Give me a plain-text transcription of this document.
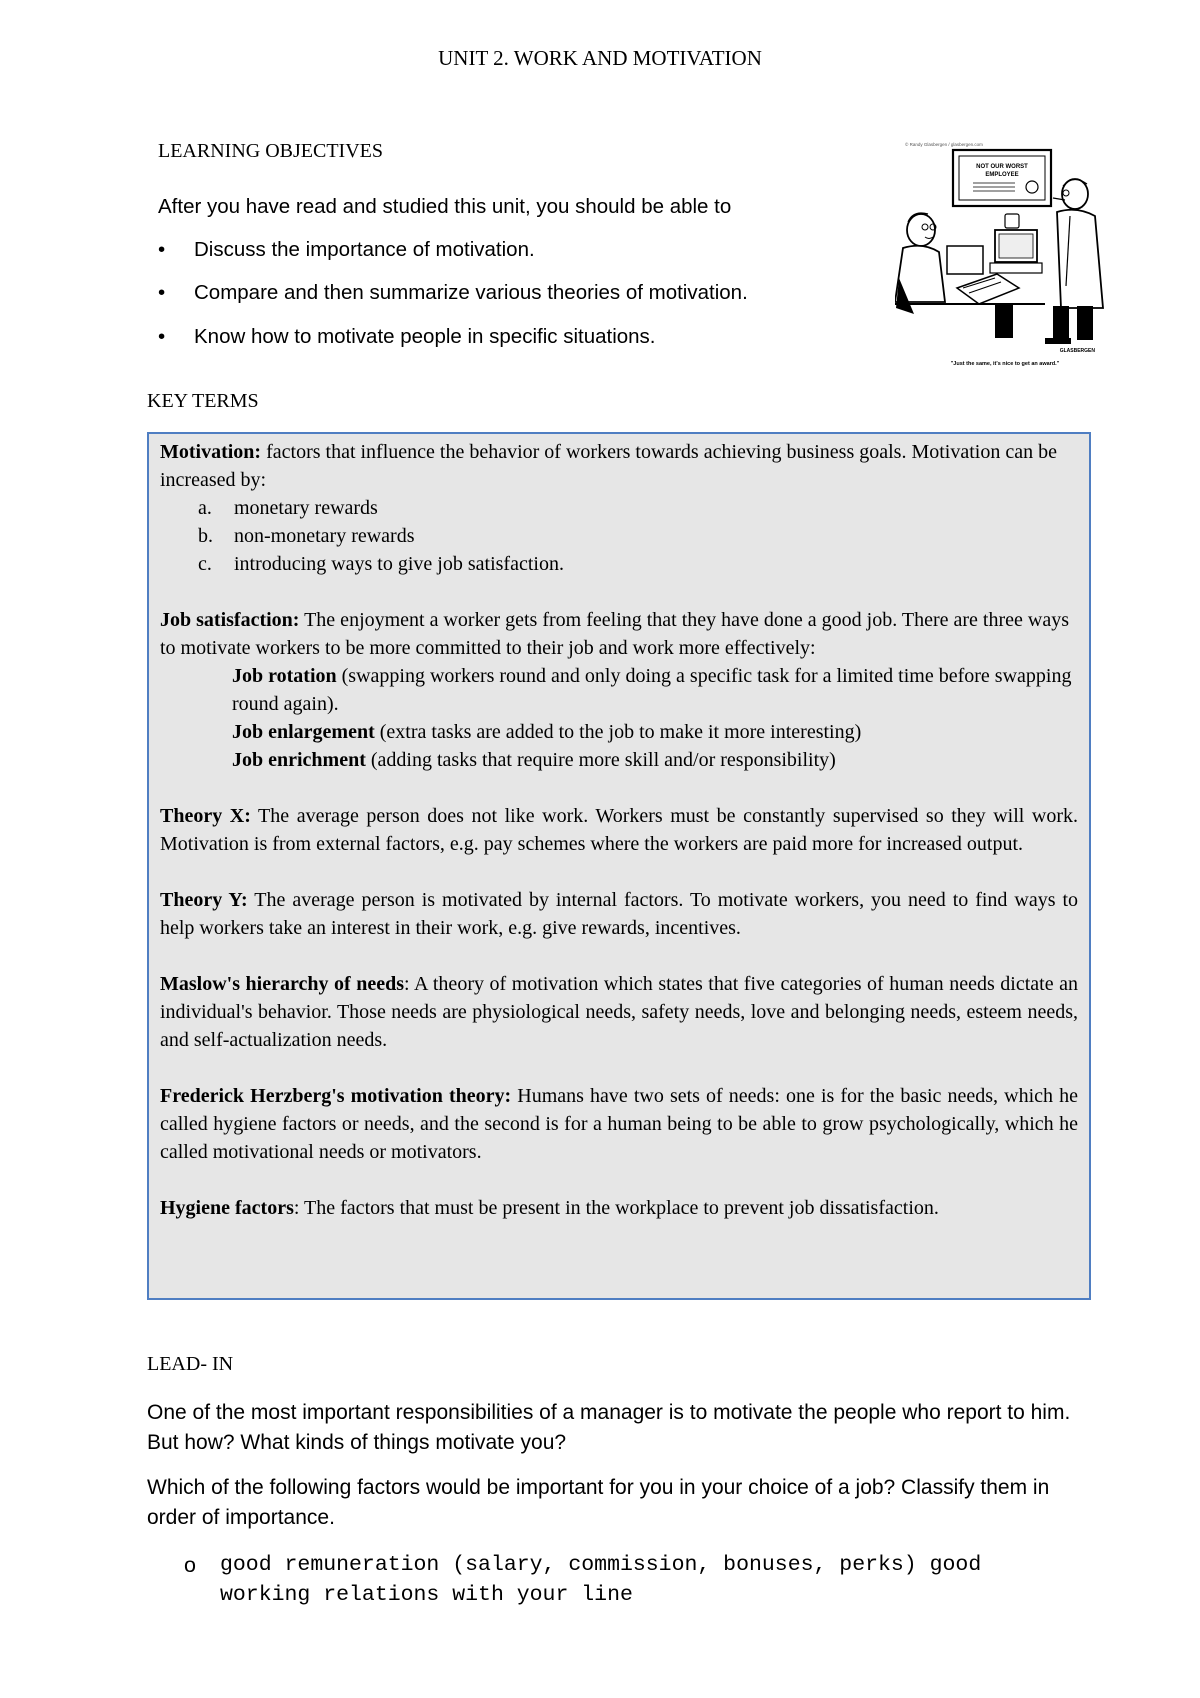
UNIT 2. WORK AND MOTIVATION
LEARNING OBJECTIVES
After you have read and studied this unit, you should be able to
• Discuss the importance of motivation.
• Compare and then summarize various theories of motivation.
• Know how to motivate people in specific situations.
© Randy Glasbergen / glasbergen.com
NOT OUR WORST
EMPLOYEE
GLASBERGEN
"Just the same, it's nice to get an award."
KEY TERMS

Motivation: factors that influence the behavior of workers towards achieving business goals. Motivation can be increased by:

a. monetary rewards

b. non-monetary rewards

c. introducing ways to give job satisfaction.

Job satisfaction: The enjoyment a worker gets from feeling that they have done a good job. There are three ways to motivate workers to be more committed to their job and work more effectively:

Job rotation (swapping workers round and only doing a specific task for a limited time before swapping round again).

Job enlargement (extra tasks are added to the job to make it more interesting)

Job enrichment (adding tasks that require more skill and/or responsibility)

Theory X: The average person does not like work. Workers must be constantly supervised so they will work. Motivation is from external factors, e.g. pay schemes where the workers are paid more for increased output.

Theory Y: The average person is motivated by internal factors. To motivate workers, you need to find ways to help workers take an interest in their work, e.g. give rewards, incentives.

Maslow's hierarchy of needs: A theory of motivation which states that five categories of human needs dictate an individual's behavior. Those needs are physiological needs, safety needs, love and belonging needs, esteem needs, and self-actualization needs.

Frederick Herzberg's motivation theory: Humans have two sets of needs: one is for the basic needs, which he called hygiene factors or needs, and the second is for a human being to be able to grow psychologically, which he called motivational needs or motivators.

Hygiene factors: The factors that must be present in the workplace to prevent job dissatisfaction.

LEAD- IN
One of the most important responsibilities of a manager is to motivate the people who report to him. But how? What kinds of things motivate you?
Which of the following factors would be important for you in your choice of a job? Classify them in order of importance.
o	good remuneration (salary, commission, bonuses, perks) good working relations with your line
